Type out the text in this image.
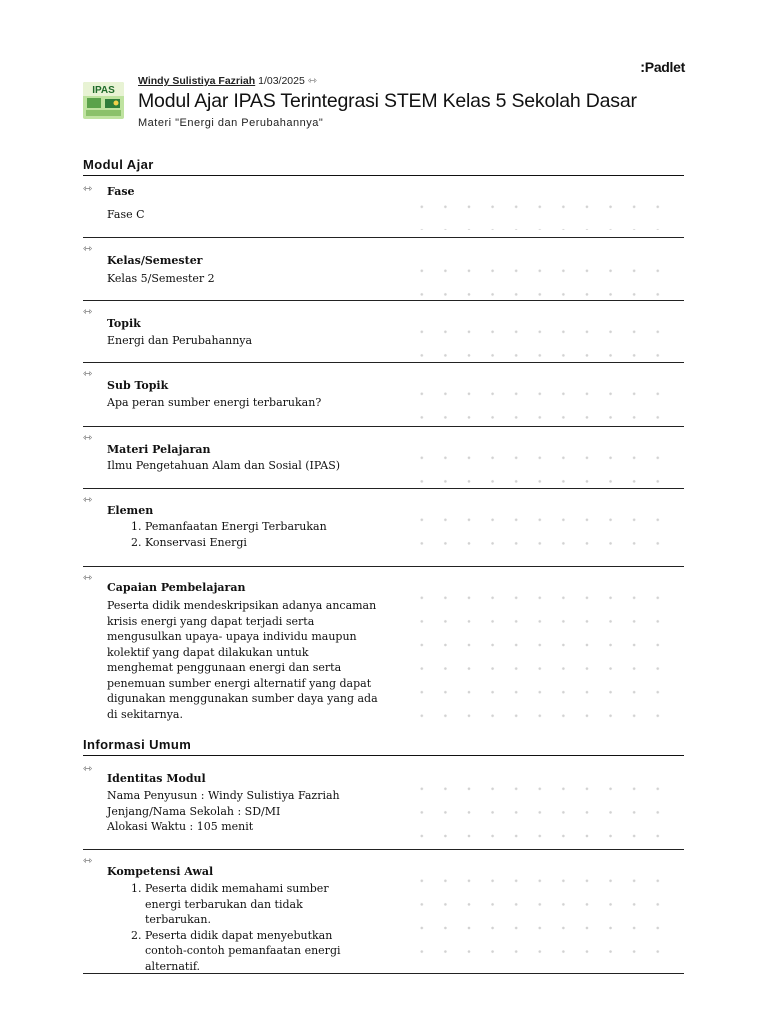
:Padlet
IPAS
Windy Sulistiya Fazriah 1/03/2025 ⇿
Modul Ajar IPAS Terintegrasi STEM Kelas 5 Sekolah Dasar
Materi "Energi dan Perubahannya"
Modul Ajar
⇿ Fase
Fase C
⇿
Kelas/Semester
Kelas 5/Semester 2
⇿
Topik
Energi dan Perubahannya
⇿
Sub Topik
Apa peran sumber energi terbarukan?
⇿
Materi Pelajaran
Ilmu Pengetahuan Alam dan Sosial (IPAS)
⇿
Elemen
1. Pemanfaatan Energi Terbarukan
2. Konservasi Energi
⇿
Capaian Pembelajaran
Peserta didik mendeskripsikan adanya ancaman
krisis energi yang dapat terjadi serta
mengusulkan upaya- upaya individu maupun
kolektif yang dapat dilakukan untuk
menghemat penggunaan energi dan serta
penemuan sumber energi alternatif yang dapat
digunakan menggunakan sumber daya yang ada
di sekitarnya.
Informasi Umum
⇿
Identitas Modul
Nama Penyusun : Windy Sulistiya Fazriah
Jenjang/Nama Sekolah : SD/MI
Alokasi Waktu : 105 menit
⇿
Kompetensi Awal
1. Peserta didik memahami sumber energi terbarukan dan tidak terbarukan.
2. Peserta didik dapat menyebutkan contoh-contoh pemanfaatan energi alternatif.
